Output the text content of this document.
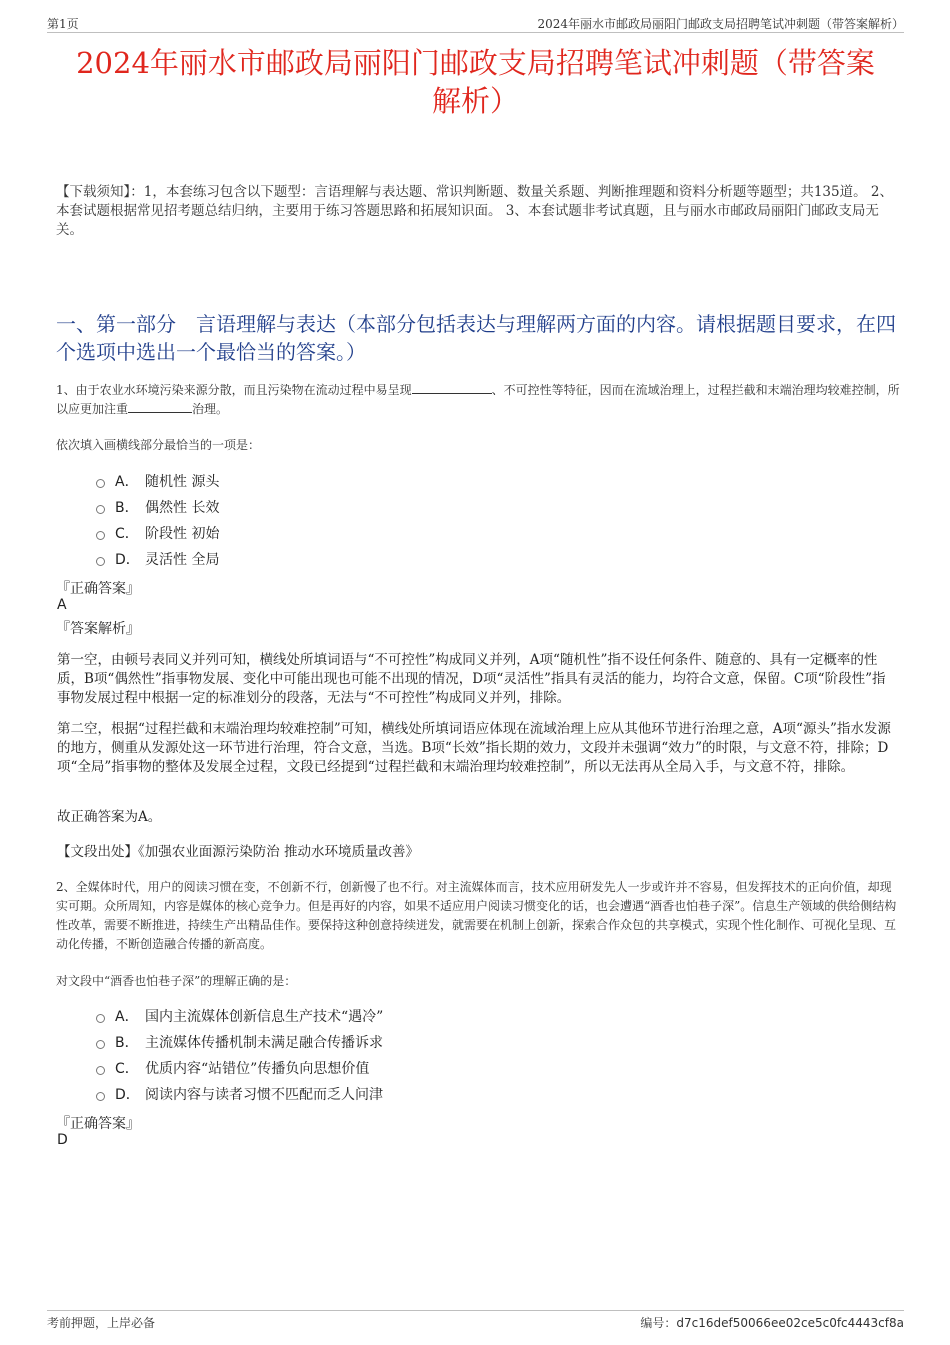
第1页	2024年丽水市邮政局丽阳门邮政支局招聘笔试冲刺题（带答案解析）
2024年丽水市邮政局丽阳门邮政支局招聘笔试冲刺题（带答案
解析）
【下载须知】：1，本套练习包含以下题型：言语理解与表达题、常识判断题、数量关系题、判断推理题和资料分析题等题型；共135道。 2、本套试题根据常见招考题总结归纳，主要用于练习答题思路和拓展知识面。 3、本套试题非考试真题，且与丽水市邮政局丽阳门邮政支局无关。
一、第一部分　言语理解与表达（本部分包括表达与理解两方面的内容。请根据题目要求，在四个选项中选出一个最恰当的答案。）
1、由于农业水环境污染来源分散，而且污染物在流动过程中易呈现	、不可控性等特征，因而在流域治理上，过程拦截和末端治理均较难控制，所以应更加注重	治理。
依次填入画横线部分最恰当的一项是：
A． 随机性 源头
B． 偶然性 长效
C． 阶段性 初始
D． 灵活性 全局
『正确答案』
A
『答案解析』
第一空，由顿号表同义并列可知，横线处所填词语与“不可控性”构成同义并列，A项“随机性”指不设任何条件、随意的、具有一定概率的性质，B项“偶然性”指事物发展、变化中可能出现也可能不出现的情况，D项“灵活性”指具有灵活的能力，均符合文意，保留。C项“阶段性”指事物发展过程中根据一定的标准划分的段落，无法与“不可控性”构成同义并列，排除。
第二空，根据“过程拦截和末端治理均较难控制”可知，横线处所填词语应体现在流域治理上应从其他环节进行治理之意，A项“源头”指水发源的地方，侧重从发源处这一环节进行治理，符合文意，当选。B项“长效”指长期的效力，文段并未强调“效力”的时限，与文意不符，排除；D项“全局”指事物的整体及发展全过程，文段已经提到“过程拦截和末端治理均较难控制”，所以无法再从全局入手，与文意不符，排除。
故正确答案为A。
【文段出处】《加强农业面源污染防治 推动水环境质量改善》
2、全媒体时代，用户的阅读习惯在变，不创新不行，创新慢了也不行。对主流媒体而言，技术应用研发先人一步或许并不容易，但发挥技术的正向价值，却现实可期。众所周知，内容是媒体的核心竞争力。但是再好的内容，如果不适应用户阅读习惯变化的话，也会遭遇“酒香也怕巷子深”。信息生产领域的供给侧结构性改革，需要不断推进，持续生产出精品佳作。要保持这种创意持续迸发，就需要在机制上创新，探索合作众包的共享模式，实现个性化制作、可视化呈现、互动化传播，不断创造融合传播的新高度。
对文段中“酒香也怕巷子深”的理解正确的是：
A． 国内主流媒体创新信息生产技术“遇冷”
B． 主流媒体传播机制未满足融合传播诉求
C． 优质内容“站错位”传播负向思想价值
D． 阅读内容与读者习惯不匹配而乏人问津
『正确答案』
D
考前押题，上岸必备	编号：d7c16def50066ee02ce5c0fc4443cf8a
